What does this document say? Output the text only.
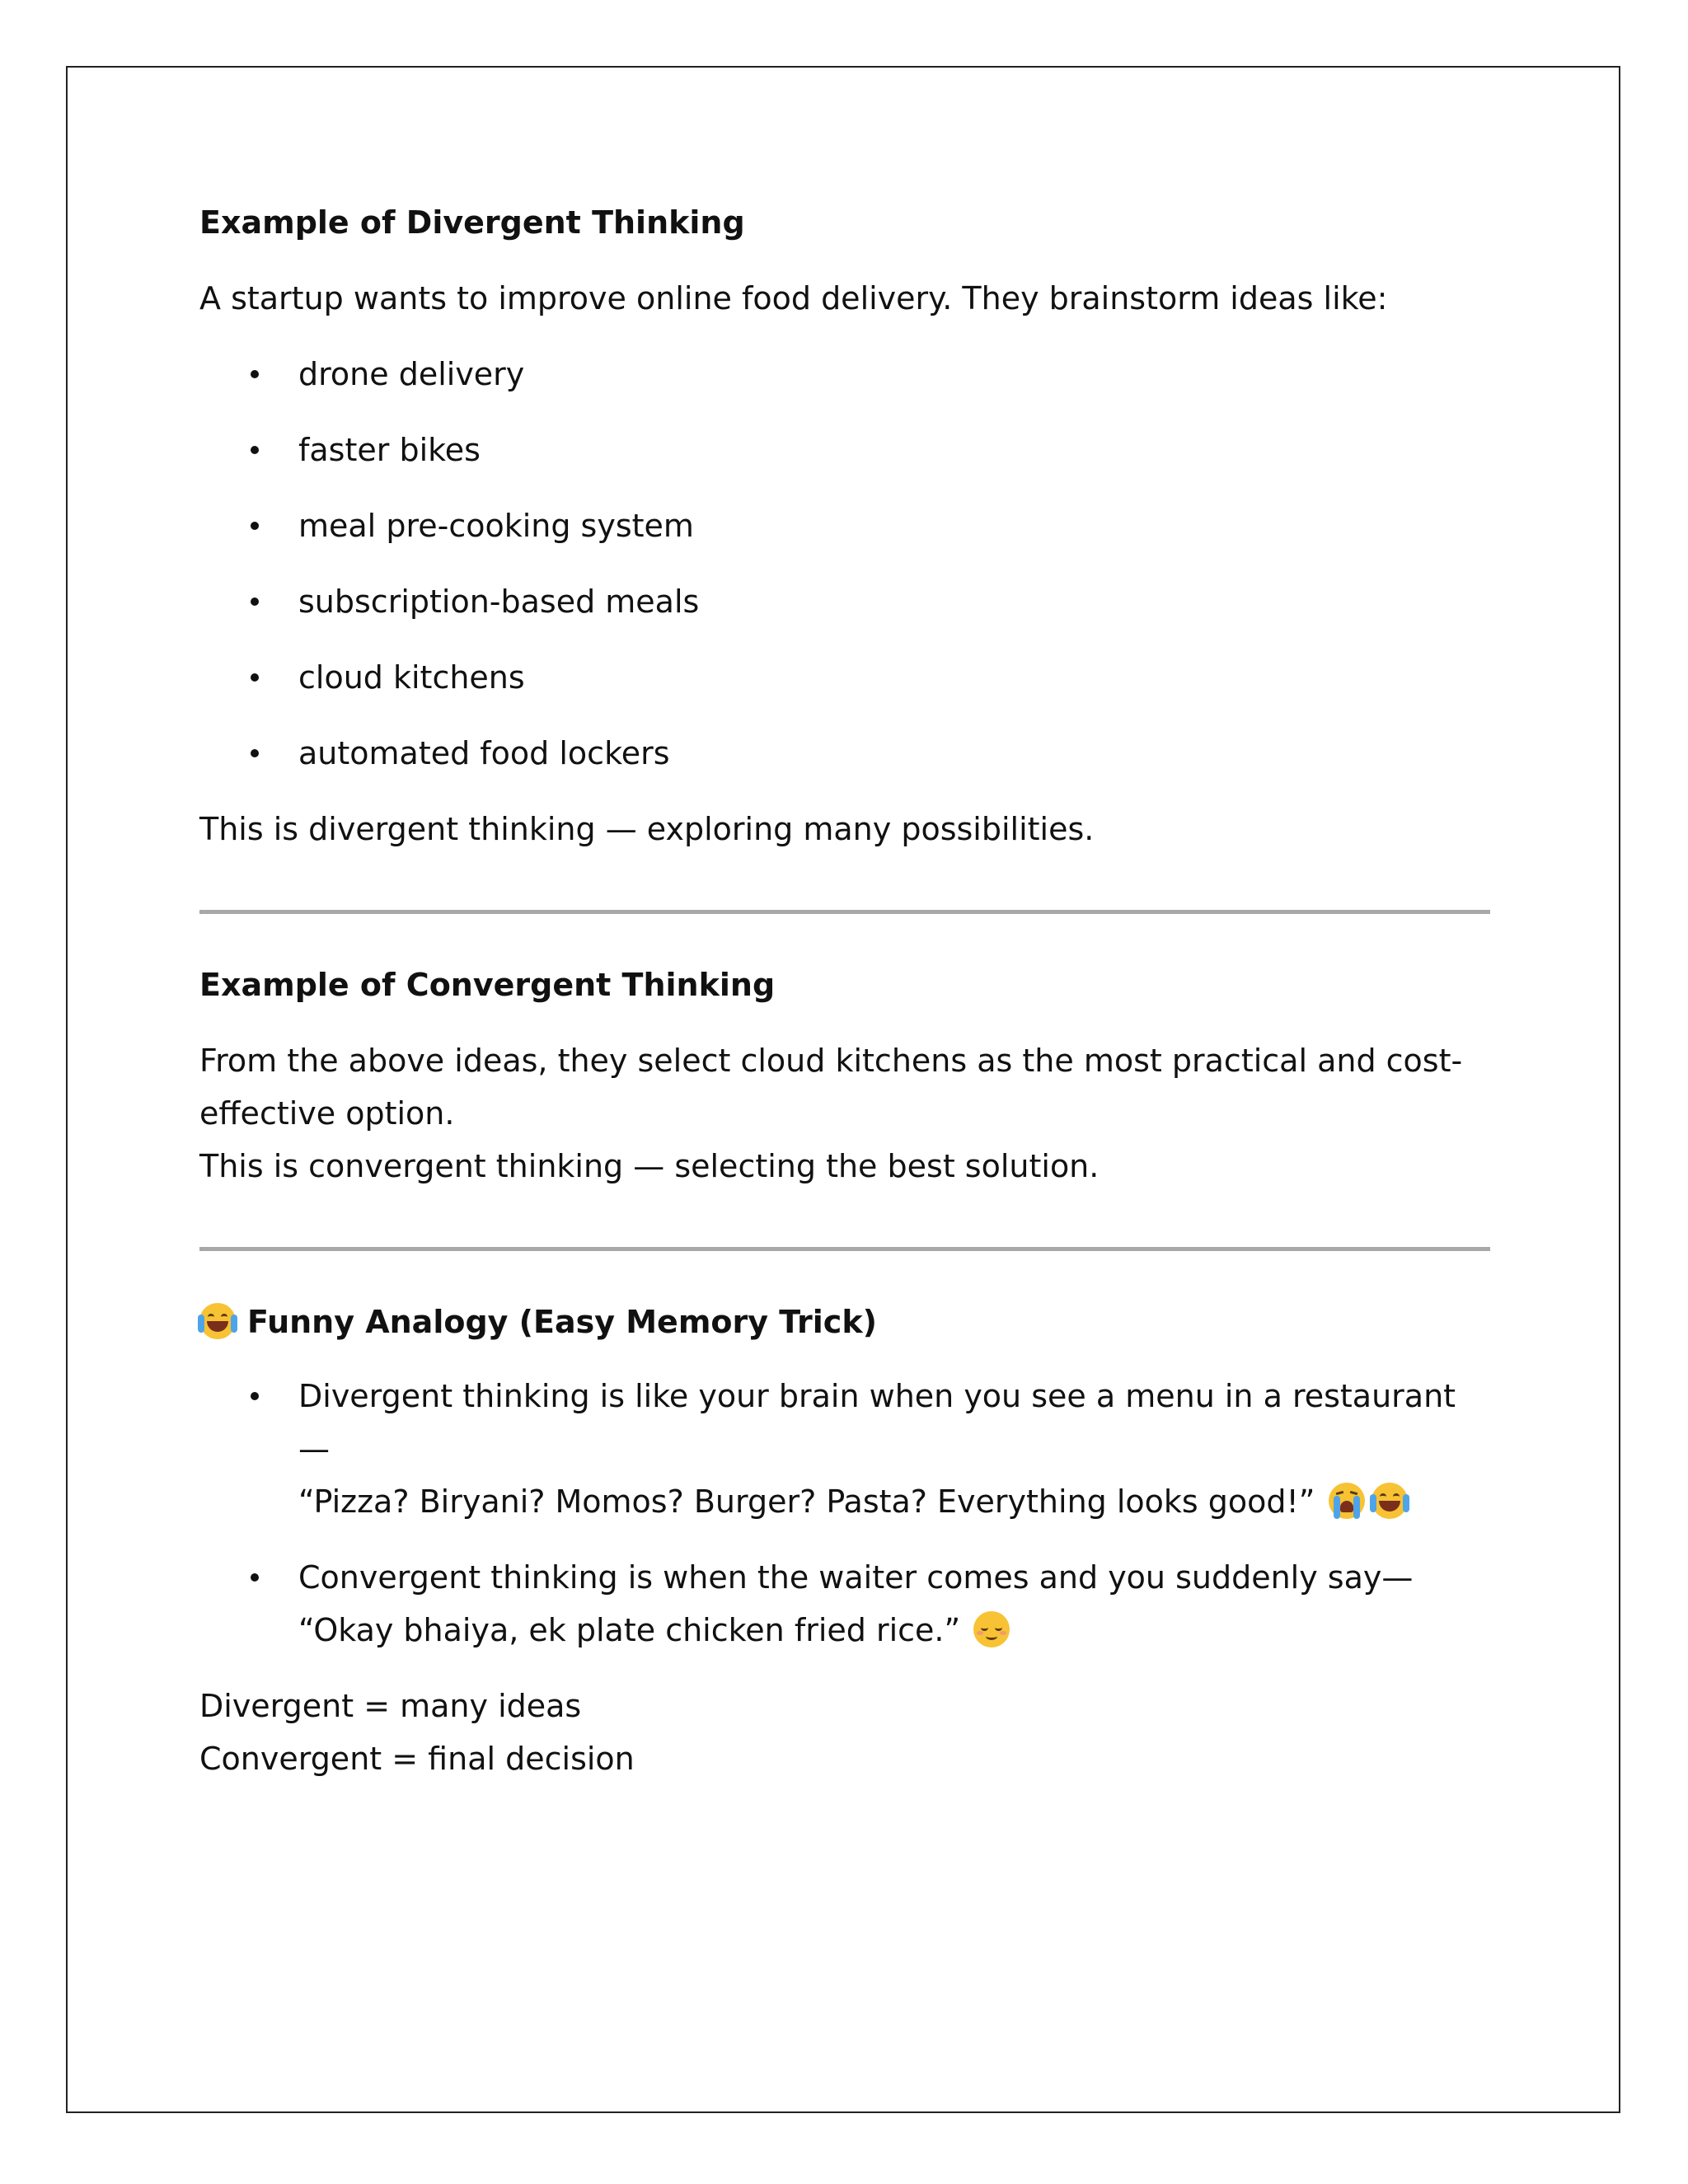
Example of Divergent Thinking

A startup wants to improve online food delivery. They brainstorm ideas like:

drone delivery
faster bikes
meal pre-cooking system
subscription-based meals
cloud kitchens
automated food lockers

This is divergent thinking — exploring many possibilities.

Example of Convergent Thinking

From the above ideas, they select cloud kitchens as the most practical and cost-effective option.
This is convergent thinking — selecting the best solution.

Funny Analogy (Easy Memory Trick)
Divergent thinking is like your brain when you see a menu in a restaurant —
“Pizza? Biryani? Momos? Burger? Pasta? Everything looks good!”
Convergent thinking is when the waiter comes and you suddenly say—
“Okay bhaiya, ek plate chicken fried rice.”

Divergent = many ideas
Convergent = final decision
